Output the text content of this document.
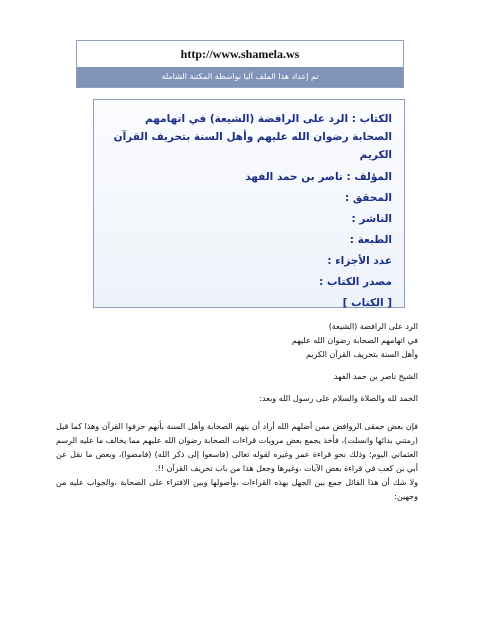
http://www.shamela.ws
تم إعداد هذا الملف آليا بواسطة المكتبة الشاملة
الكتاب : الرد على الرافضة (الشيعة) في اتهامهم الصحابة رضوان الله عليهم وأهل السنة بتحريف القرآن الكريم
المؤلف : ناصر بن حمد الفهد
المحقق :
الناشر :
الطبعة :
عدد الأجزاء :
مصدر الكتاب :
[ الكتاب ]

الرد على الرافضة (الشيعة)

في اتهامهم الصحابة رضوان الله عليهم

وأهل السنة بتحريف القرآن الكريم

الشيخ ناصر بن حمد الفهد

الحمد لله والصلاة والسلام على رسول الله وبعد:

فإن بعض حمقى الروافض ممن أضلهم الله أراد أن يتهم الصحابة وأهل السنة بأنهم حرفوا القرآن وهذا كما قيل (رمتني بدائها وانسلت)، فأخذ يجمع بعض مرويات قراءات الصحابة رضوان الله عليهم مما يخالف ما عليه الرسم العثماني اليوم؛ وذلك نحو قراءة عمر وغيره لقوله تعالى (فاسعوا إلى ذكر الله) (فامضوا)، وبعض ما نقل عن أبي بن كعب في قراءة بعض الآيات ،وغيرها وجعل هذا من باب تحريف القرآن !!.

ولا شك أن هذا القائل جمع بين الجهل بهذه القراءات ،وأصولها وبين الافتراء على الصحابة ،والجواب عليه من وجهين:
